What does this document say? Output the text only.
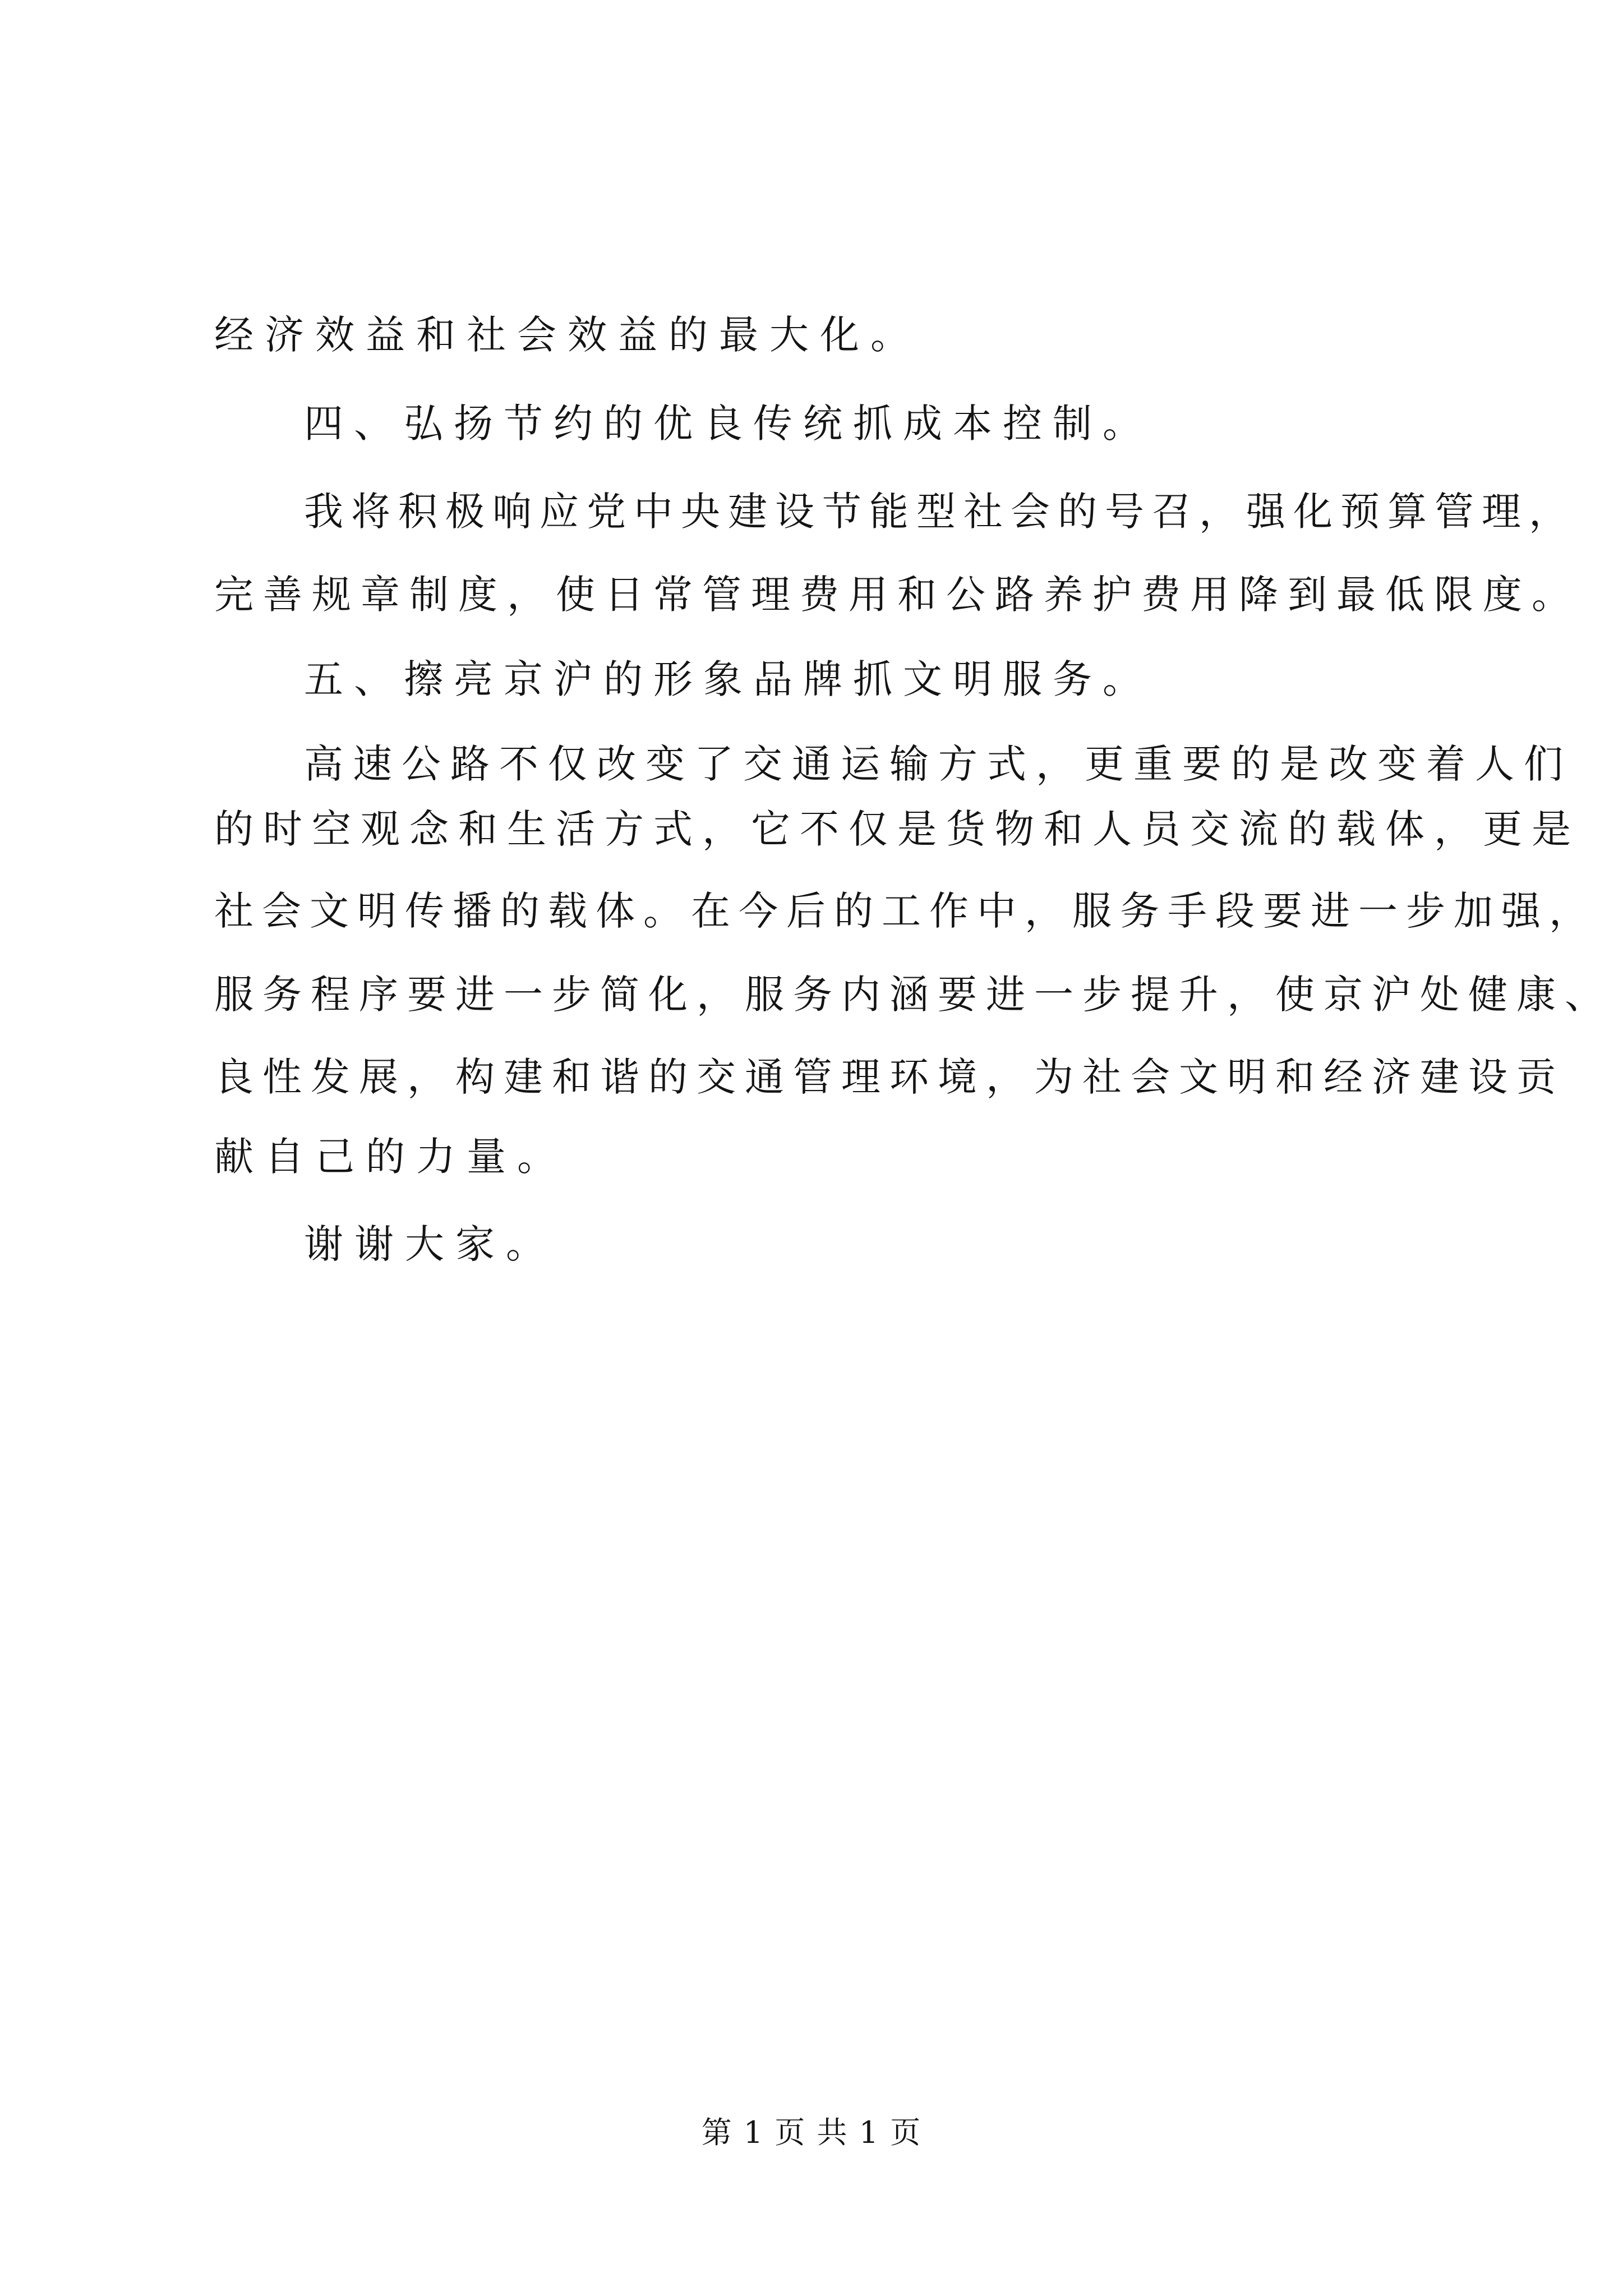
经济效益和社会效益的最大化。

四、弘扬节约的优良传统抓成本控制。

我将积极响应党中央建设节能型社会的号召，强化预算管理，

完善规章制度，使日常管理费用和公路养护费用降到最低限度。

五、擦亮京沪的形象品牌抓文明服务。

高速公路不仅改变了交通运输方式，更重要的是改变着人们

的时空观念和生活方式，它不仅是货物和人员交流的载体，更是

社会文明传播的载体。在今后的工作中，服务手段要进一步加强，

服务程序要进一步简化，服务内涵要进一步提升，使京沪处健康、

良性发展，构建和谐的交通管理环境，为社会文明和经济建设贡

献自己的力量。

谢谢大家。

第 1 页 共 1 页
